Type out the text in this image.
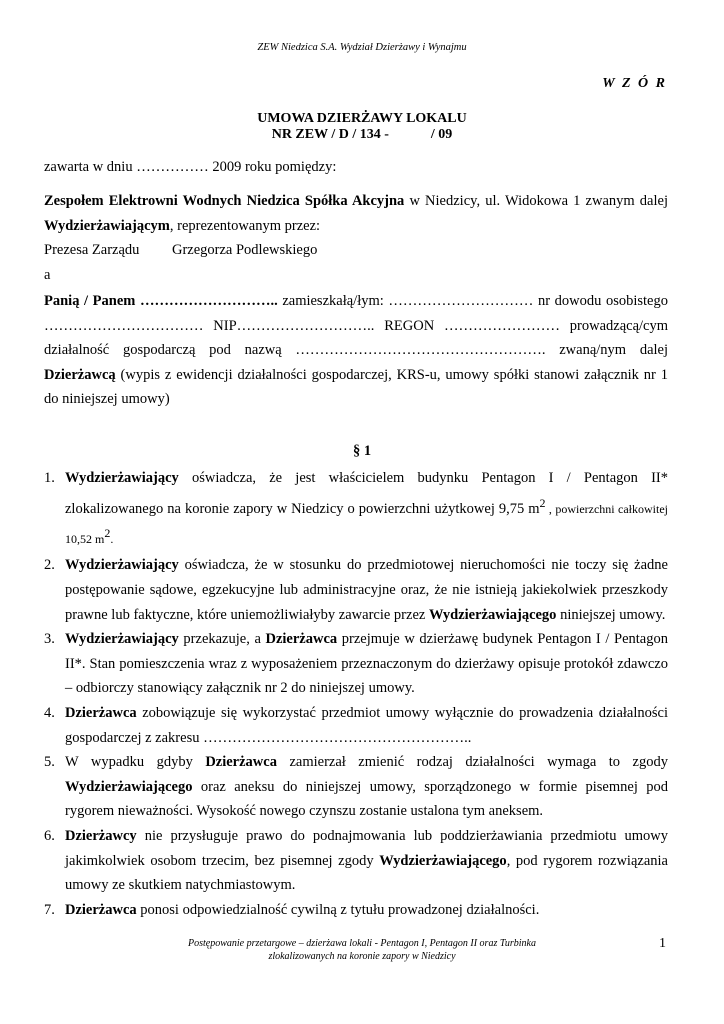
ZEW Niedzica S.A. Wydział Dzierżawy i Wynajmu
W Z Ó R
UMOWA DZIERŻAWY LOKALU
NR ZEW / D / 134 -            / 09
zawarta w dniu …………… 2009 roku pomiędzy:
Zespołem Elektrowni Wodnych Niedzica Spółka Akcyjna w Niedzicy, ul. Widokowa 1 zwanym dalej
Wydzierżawiającym, reprezentowanym przez:
Prezesa Zarządu	Grzegorza Podlewskiego
a
Panią / Panem ……………………….. zamieszkałą/łym: ………………………… nr dowodu osobistego
…………………………… NIP……………………….. REGON …………………… prowadzącą/cym
działalność gospodarczą pod nazwą ……………………………………………. zwaną/nym dalej
Dzierżawcą (wypis z ewidencji działalności gospodarczej, KRS-u, umowy spółki stanowi załącznik nr 1
do niniejszej umowy)
§ 1
1. Wydzierżawiający oświadcza, że jest właścicielem budynku Pentagon I / Pentagon II* zlokalizowanego na koronie zapory w Niedzicy o powierzchni użytkowej 9,75 $m^2$ , powierzchni całkowitej 10,52 $m^2$.
2. Wydzierżawiający oświadcza, że w stosunku do przedmiotowej nieruchomości nie toczy się żadne postępowanie sądowe, egzekucyjne lub administracyjne oraz, że nie istnieją jakiekolwiek przeszkody prawne lub faktyczne, które uniemożliwiałyby zawarcie przez Wydzierżawiającego niniejszej umowy.
3. Wydzierżawiający przekazuje, a Dzierżawca przejmuje w dzierżawę budynek Pentagon I / Pentagon II*. Stan pomieszczenia wraz z wyposażeniem przeznaczonym do dzierżawy opisuje protokół zdawczo – odbiorczy stanowiący załącznik nr 2 do niniejszej umowy.
4. Dzierżawca zobowiązuje się wykorzystać przedmiot umowy wyłącznie do prowadzenia działalności gospodarczej z zakresu ………………………………………………..
5. W wypadku gdyby Dzierżawca zamierzał zmienić rodzaj działalności wymaga to zgody Wydzierżawiającego oraz aneksu do niniejszej umowy, sporządzonego w formie pisemnej pod rygorem nieważności. Wysokość nowego czynszu zostanie ustalona tym aneksem.
6. Dzierżawcy nie przysługuje prawo do podnajmowania lub poddzierżawiania przedmiotu umowy jakimkolwiek osobom trzecim, bez pisemnej zgody Wydzierżawiającego, pod rygorem rozwiązania umowy ze skutkiem natychmiastowym.
7. Dzierżawca ponosi odpowiedzialność cywilną z tytułu prowadzonej działalności.
Postępowanie przetargowe – dzierżawa lokali - Pentagon I, Pentagon II oraz Turbinka
zlokalizowanych na koronie zapory w Niedzicy
1
